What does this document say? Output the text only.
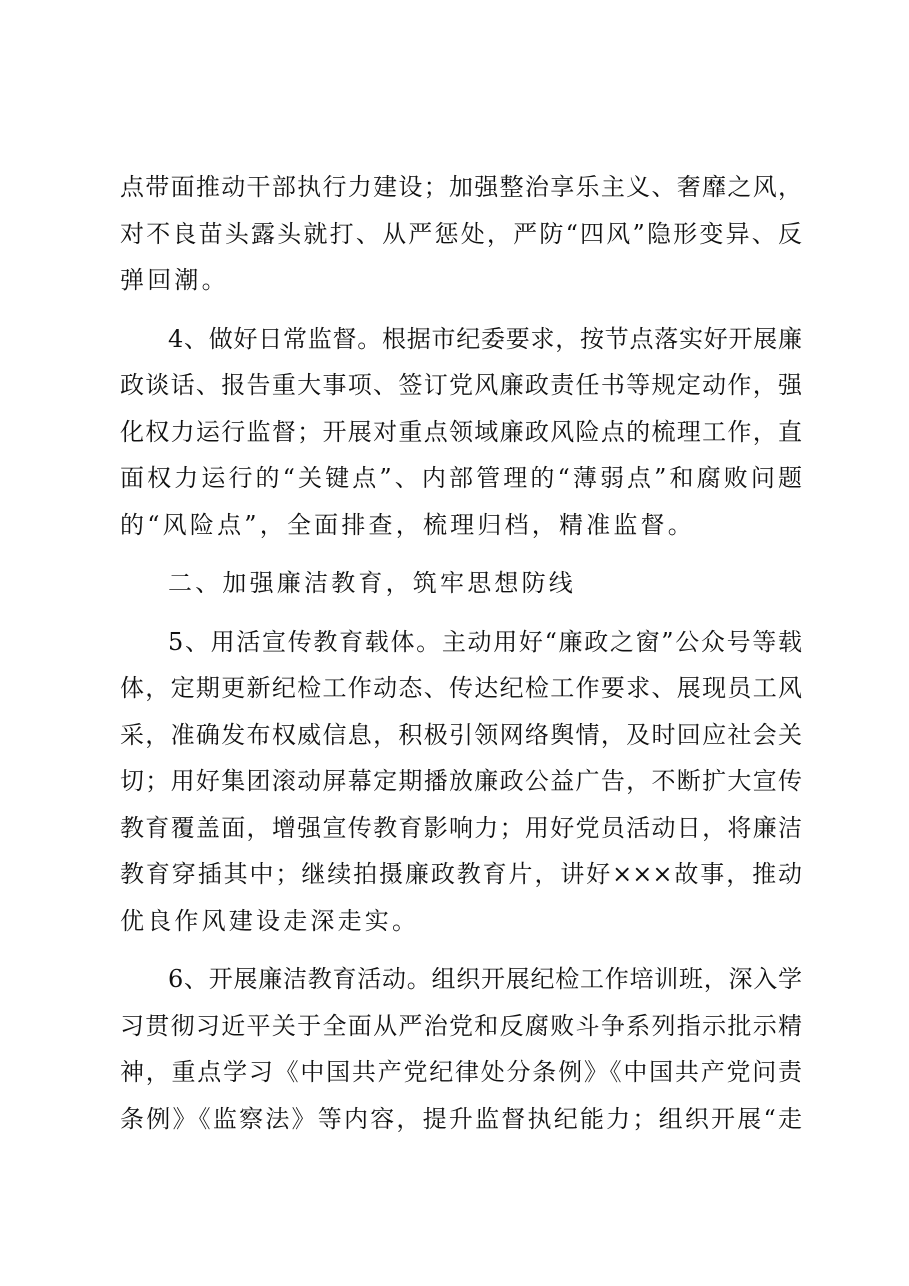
点带面推动干部执行力建设；加强整治享乐主义、奢靡之风，
对不良苗头露头就打、从严惩处，严防“四风”隐形变异、反
弹回潮。
4、做好日常监督。根据市纪委要求，按节点落实好开展廉
政谈话、报告重大事项、签订党风廉政责任书等规定动作，强
化权力运行监督；开展对重点领域廉政风险点的梳理工作，直
面权力运行的“关键点”、内部管理的“薄弱点”和腐败问题
的“风险点”，全面排查，梳理归档，精准监督。
二、加强廉洁教育，筑牢思想防线
5、用活宣传教育载体。主动用好“廉政之窗”公众号等载
体，定期更新纪检工作动态、传达纪检工作要求、展现员工风
采，准确发布权威信息，积极引领网络舆情，及时回应社会关
切；用好集团滚动屏幕定期播放廉政公益广告，不断扩大宣传
教育覆盖面，增强宣传教育影响力；用好党员活动日，将廉洁
教育穿插其中；继续拍摄廉政教育片，讲好×××故事，推动
优良作风建设走深走实。
6、开展廉洁教育活动。组织开展纪检工作培训班，深入学
习贯彻习近平关于全面从严治党和反腐败斗争系列指示批示精
神，重点学习《中国共产党纪律处分条例》《中国共产党问责
条例》《监察法》等内容，提升监督执纪能力；组织开展“走
